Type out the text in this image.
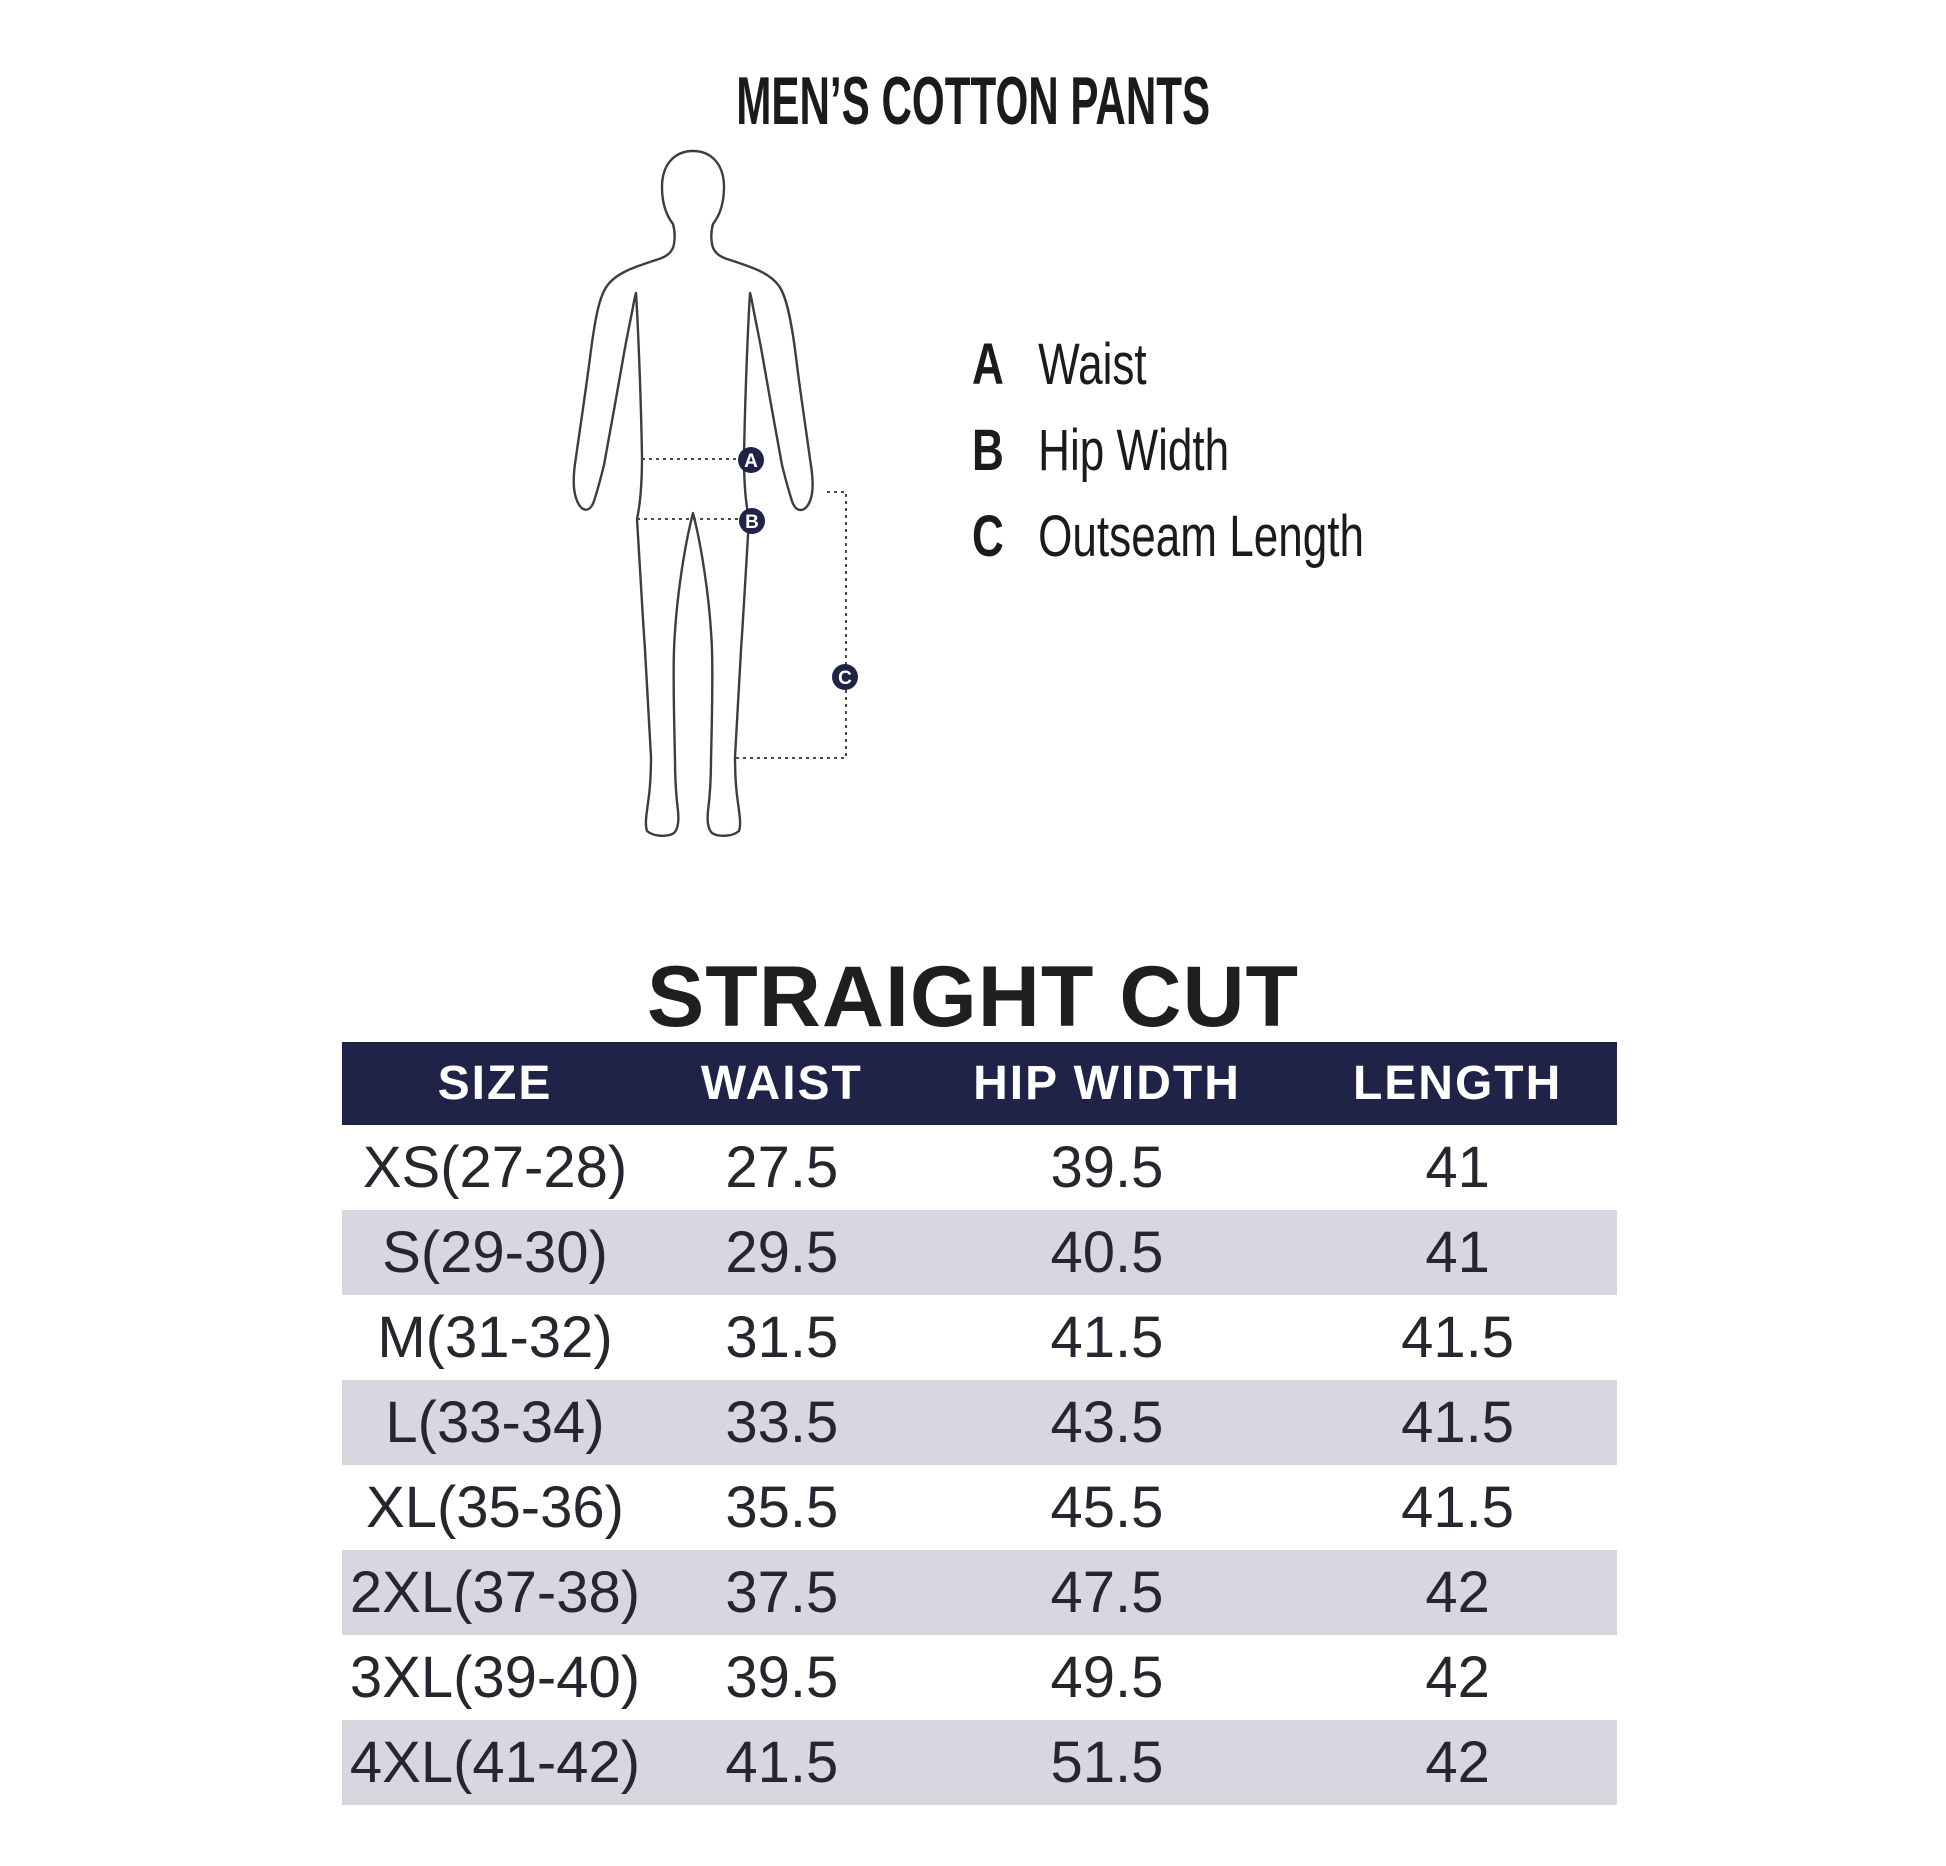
MEN’S COTTON PANTS
A
B
C
A Waist
B Hip Width
C Outseam Length
STRAIGHT CUT
SIZE	WAIST	HIP WIDTH	LENGTH
XS(27-28)	27.5	39.5	41
S(29-30)	29.5	40.5	41
M(31-32)	31.5	41.5	41.5
L(33-34)	33.5	43.5	41.5
XL(35-36)	35.5	45.5	41.5
2XL(37-38)	37.5	47.5	42
3XL(39-40)	39.5	49.5	42
4XL(41-42)	41.5	51.5	42
